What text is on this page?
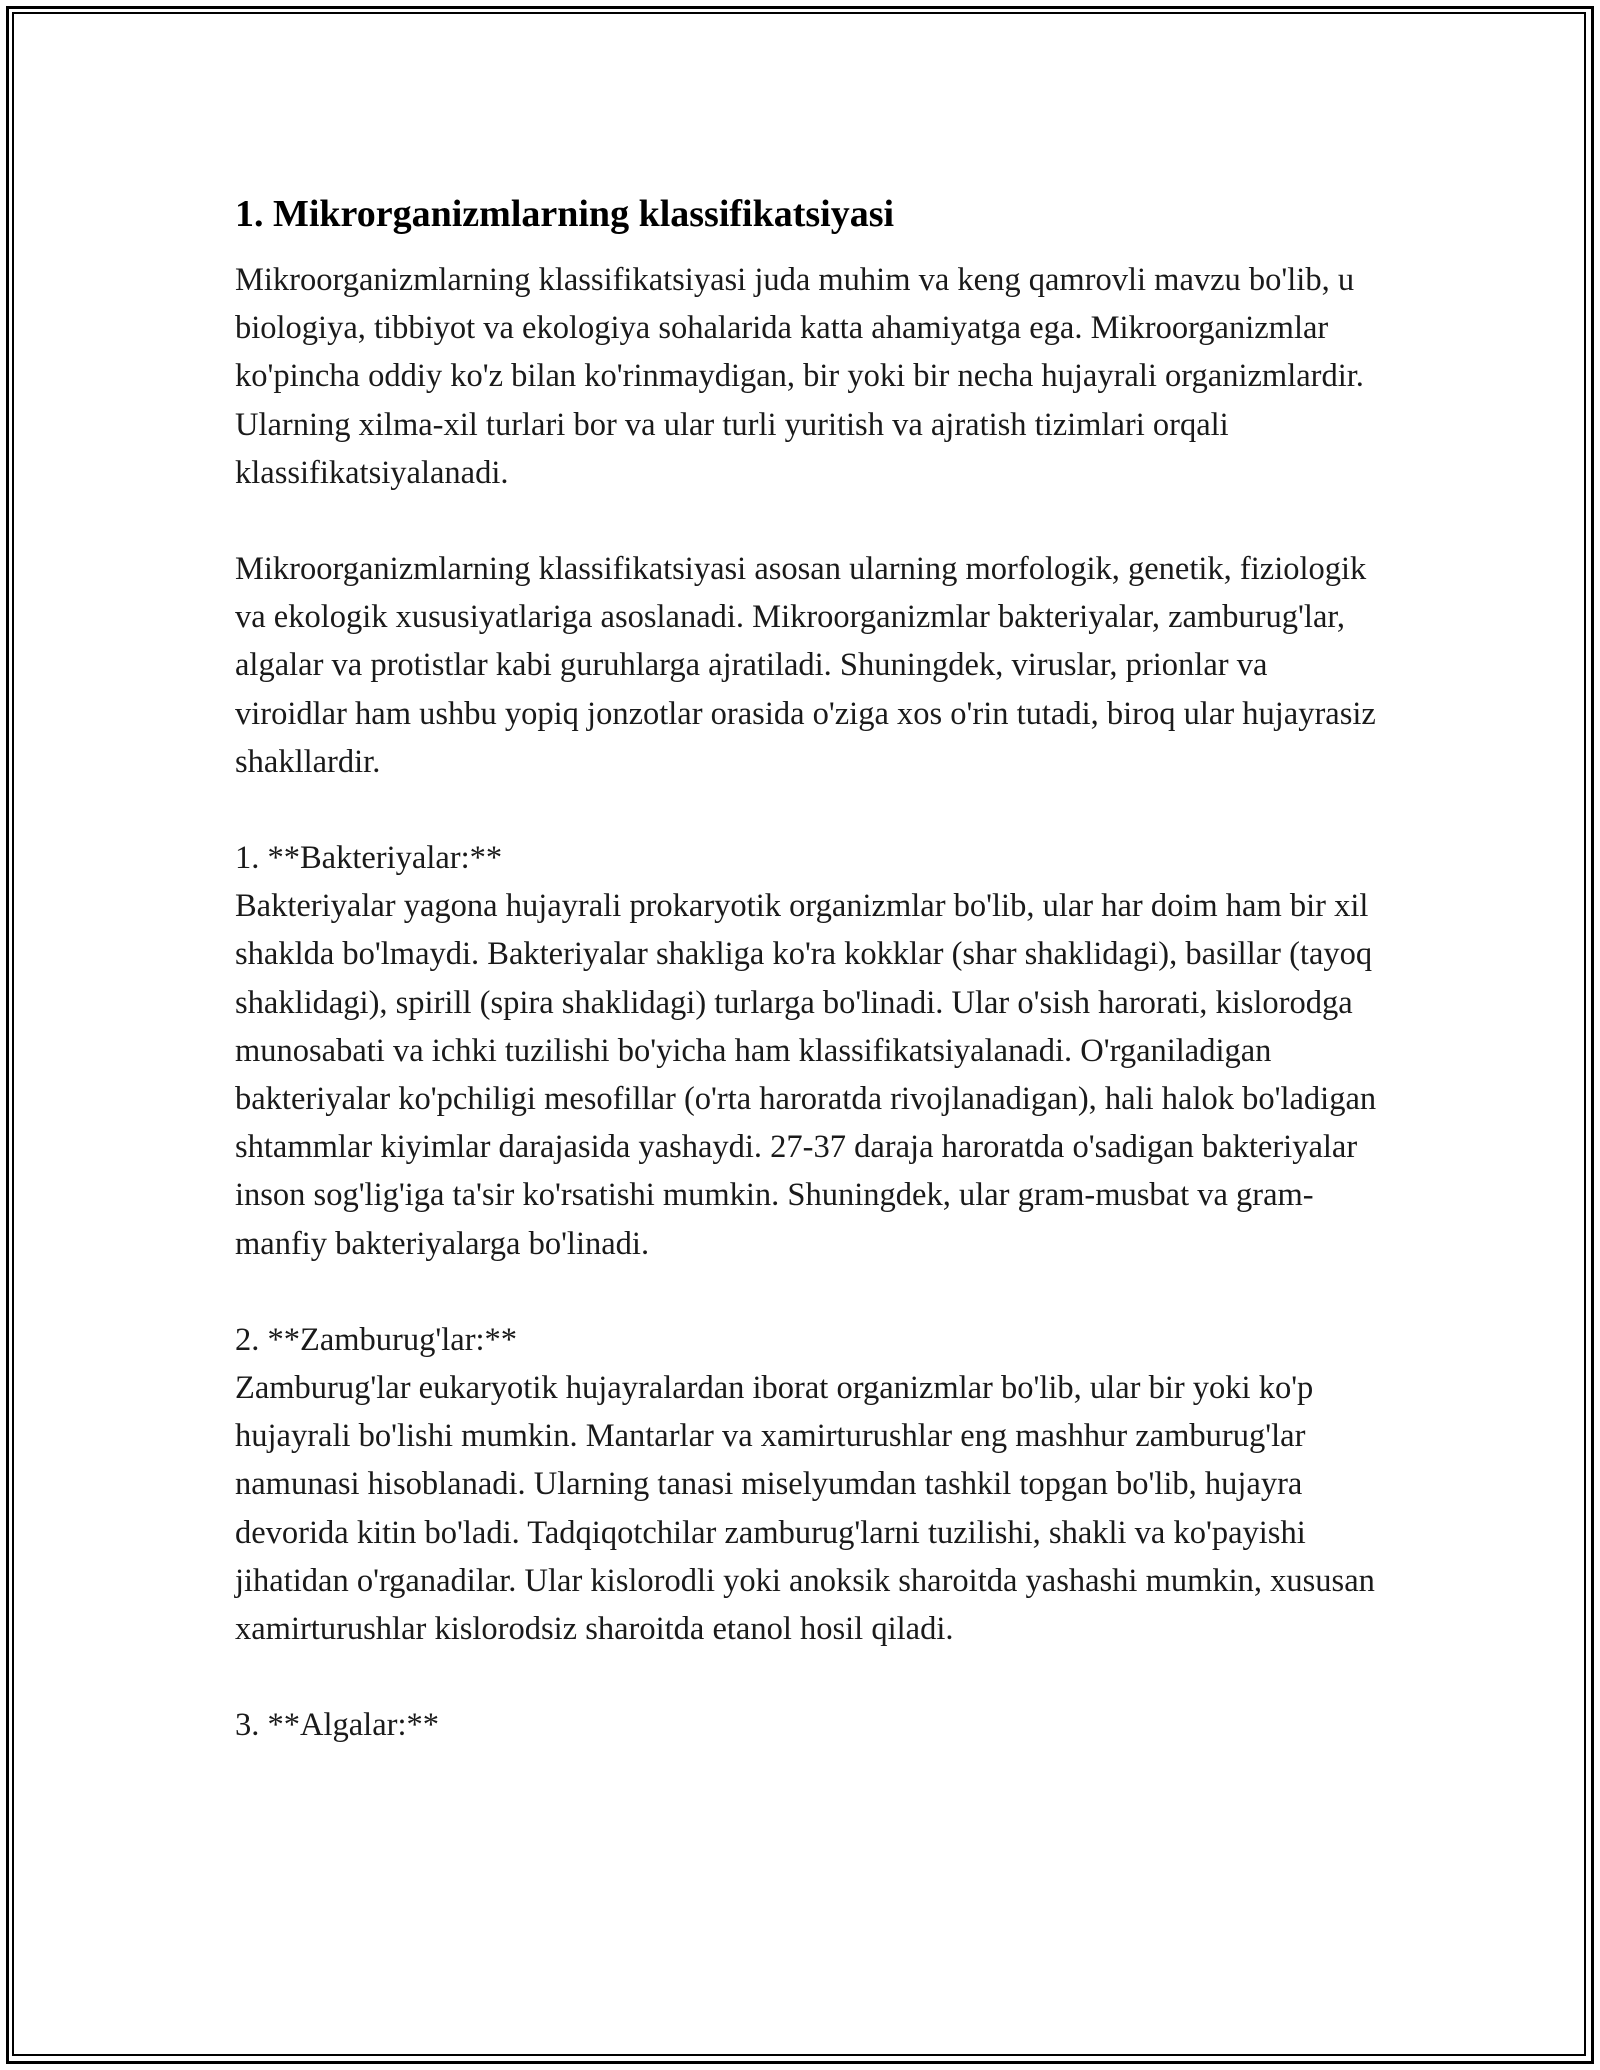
1. Mikrorganizmlarning klassifikatsiyasi

Mikroorganizmlarning klassifikatsiyasi juda muhim va keng qamrovli mavzu bo'lib, u biologiya, tibbiyot va ekologiya sohalarida katta ahamiyatga ega. Mikroorganizmlar ko'pincha oddiy ko'z bilan ko'rinmaydigan, bir yoki bir necha hujayrali organizmlardir. Ularning xilma-xil turlari bor va ular turli yuritish va ajratish tizimlari orqali klassifikatsiyalanadi.

Mikroorganizmlarning klassifikatsiyasi asosan ularning morfologik, genetik, fiziologik va ekologik xususiyatlariga asoslanadi. Mikroorganizmlar bakteriyalar, zamburug'lar, algalar va protistlar kabi guruhlarga ajratiladi. Shuningdek, viruslar, prionlar va viroidlar ham ushbu yopiq jonzotlar orasida o'ziga xos o'rin tutadi, biroq ular hujayrasiz shakllardir.

1. **Bakteriyalar:**

Bakteriyalar yagona hujayrali prokaryotik organizmlar bo'lib, ular har doim ham bir xil shaklda bo'lmaydi. Bakteriyalar shakliga ko'ra kokklar (shar shaklidagi), basillar (tayoq shaklidagi), spirill (spira shaklidagi) turlarga bo'linadi. Ular o'sish harorati, kislorodga munosabati va ichki tuzilishi bo'yicha ham klassifikatsiyalanadi. O'rganiladigan bakteriyalar ko'pchiligi mesofillar (o'rta haroratda rivojlanadigan), hali halok bo'ladigan shtammlar kiyimlar darajasida yashaydi. 27-37 daraja haroratda o'sadigan bakteriyalar inson sog'lig'iga ta'sir ko'rsatishi mumkin. Shuningdek, ular gram-musbat va gram-manfiy bakteriyalarga bo'linadi.

2. **Zamburug'lar:**

Zamburug'lar eukaryotik hujayralardan iborat organizmlar bo'lib, ular bir yoki ko'p hujayrali bo'lishi mumkin. Mantarlar va xamirturushlar eng mashhur zamburug'lar namunasi hisoblanadi. Ularning tanasi miselyumdan tashkil topgan bo'lib, hujayra devorida kitin bo'ladi. Tadqiqotchilar zamburug'larni tuzilishi, shakli va ko'payishi jihatidan o'rganadilar. Ular kislorodli yoki anoksik sharoitda yashashi mumkin, xususan xamirturushlar kislorodsiz sharoitda etanol hosil qiladi.

3. **Algalar:**
